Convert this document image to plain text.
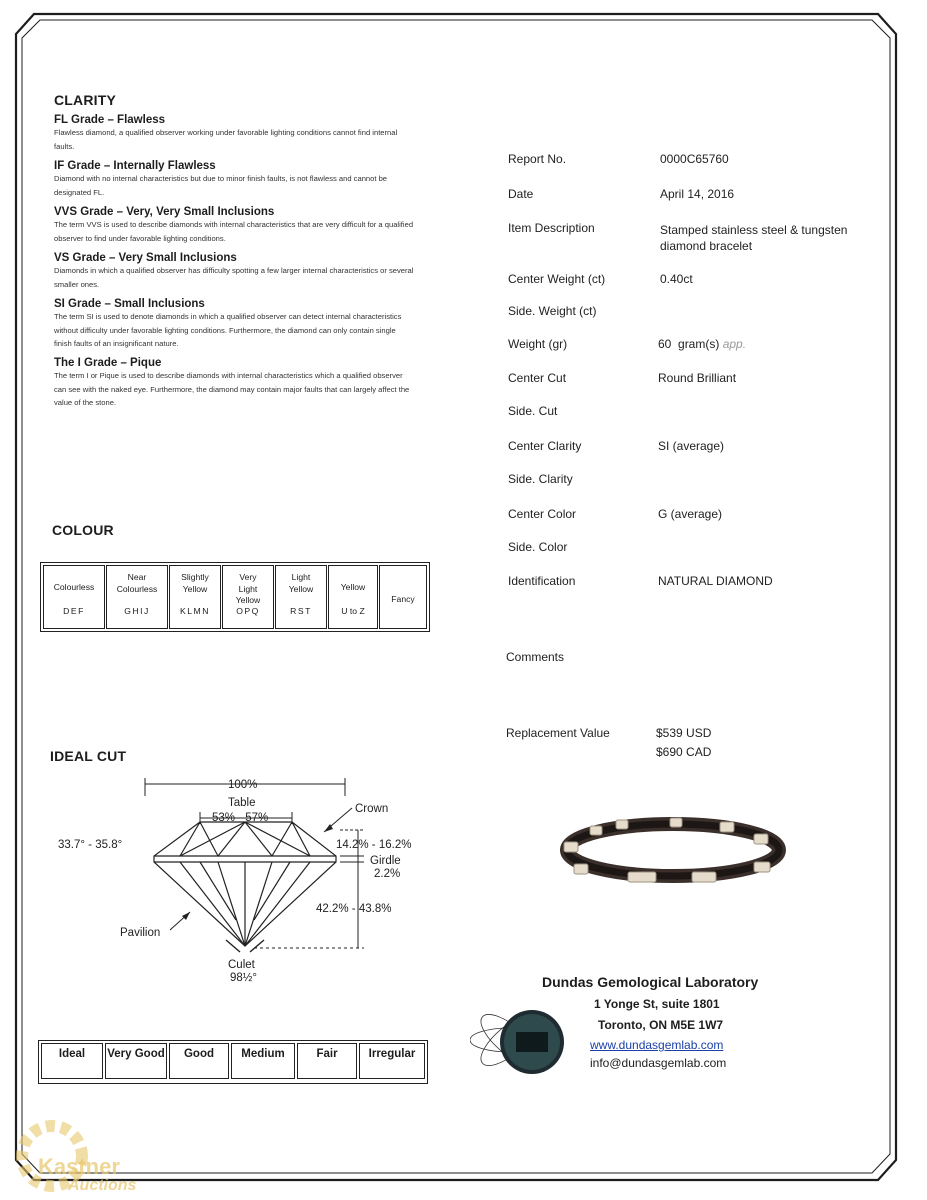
CLARITY
FL Grade – Flawless
Flawless diamond, a qualified observer working under favorable lighting conditions cannot find internal faults.
IF Grade – Internally Flawless
Diamond with no internal characteristics but due to minor finish faults, is not flawless and cannot be designated FL.
VVS Grade – Very, Very Small Inclusions
The term VVS is used to describe diamonds with internal characteristics that are very difficult for a qualified observer to find under favorable lighting conditions.
VS Grade – Very Small Inclusions
Diamonds in which a qualified observer has difficulty spotting a few larger internal characteristics or several smaller ones.
SI Grade – Small Inclusions
The term SI is used to denote diamonds in which a qualified observer can detect internal characteristics without difficulty under favorable lighting conditions. Furthermore, the diamond can only contain single finish faults of an insignificant nature.
The I Grade – Pique
The term I or Pique is used to describe diamonds with internal characteristics which a qualified observer can see with the naked eye. Furthermore, the diamond may contain major faults that can largely affect the value of the stone.
COLOUR
Colourless
DEF
Near Colourless
GHIJ
Slightly Yellow
KLMN
Very Light Yellow
OPQ
Light Yellow
RST
Yellow
U to Z
Fancy
IDEAL CUT
100%
Table
53% - 57%
Crown
33.7° - 35.8°	14.2% - 16.2%
Girdle
2.2%
42.2% - 43.8%
Pavilion
Culet
98½°
Ideal	Very Good	Good	Medium	Fair	Irregular
Report No.	0000C65760
Date	April 14, 2016
Item Description	Stamped stainless steel & tungsten diamond bracelet
Center Weight (ct)	0.40ct
Side. Weight (ct)
Weight (gr)	60  gram(s) app.
Center Cut	Round Brilliant
Side. Cut
Center Clarity	SI (average)
Side. Clarity
Center Color	G (average)
Side. Color
Identification	NATURAL DIAMOND
Comments
Replacement Value	$539 USD
$690 CAD
Dundas Gemological Laboratory
1 Yonge St, suite 1801
Toronto, ON M5E 1W7
www.dundasgemlab.com
info@dundasgemlab.com
Kastner
Auctions
